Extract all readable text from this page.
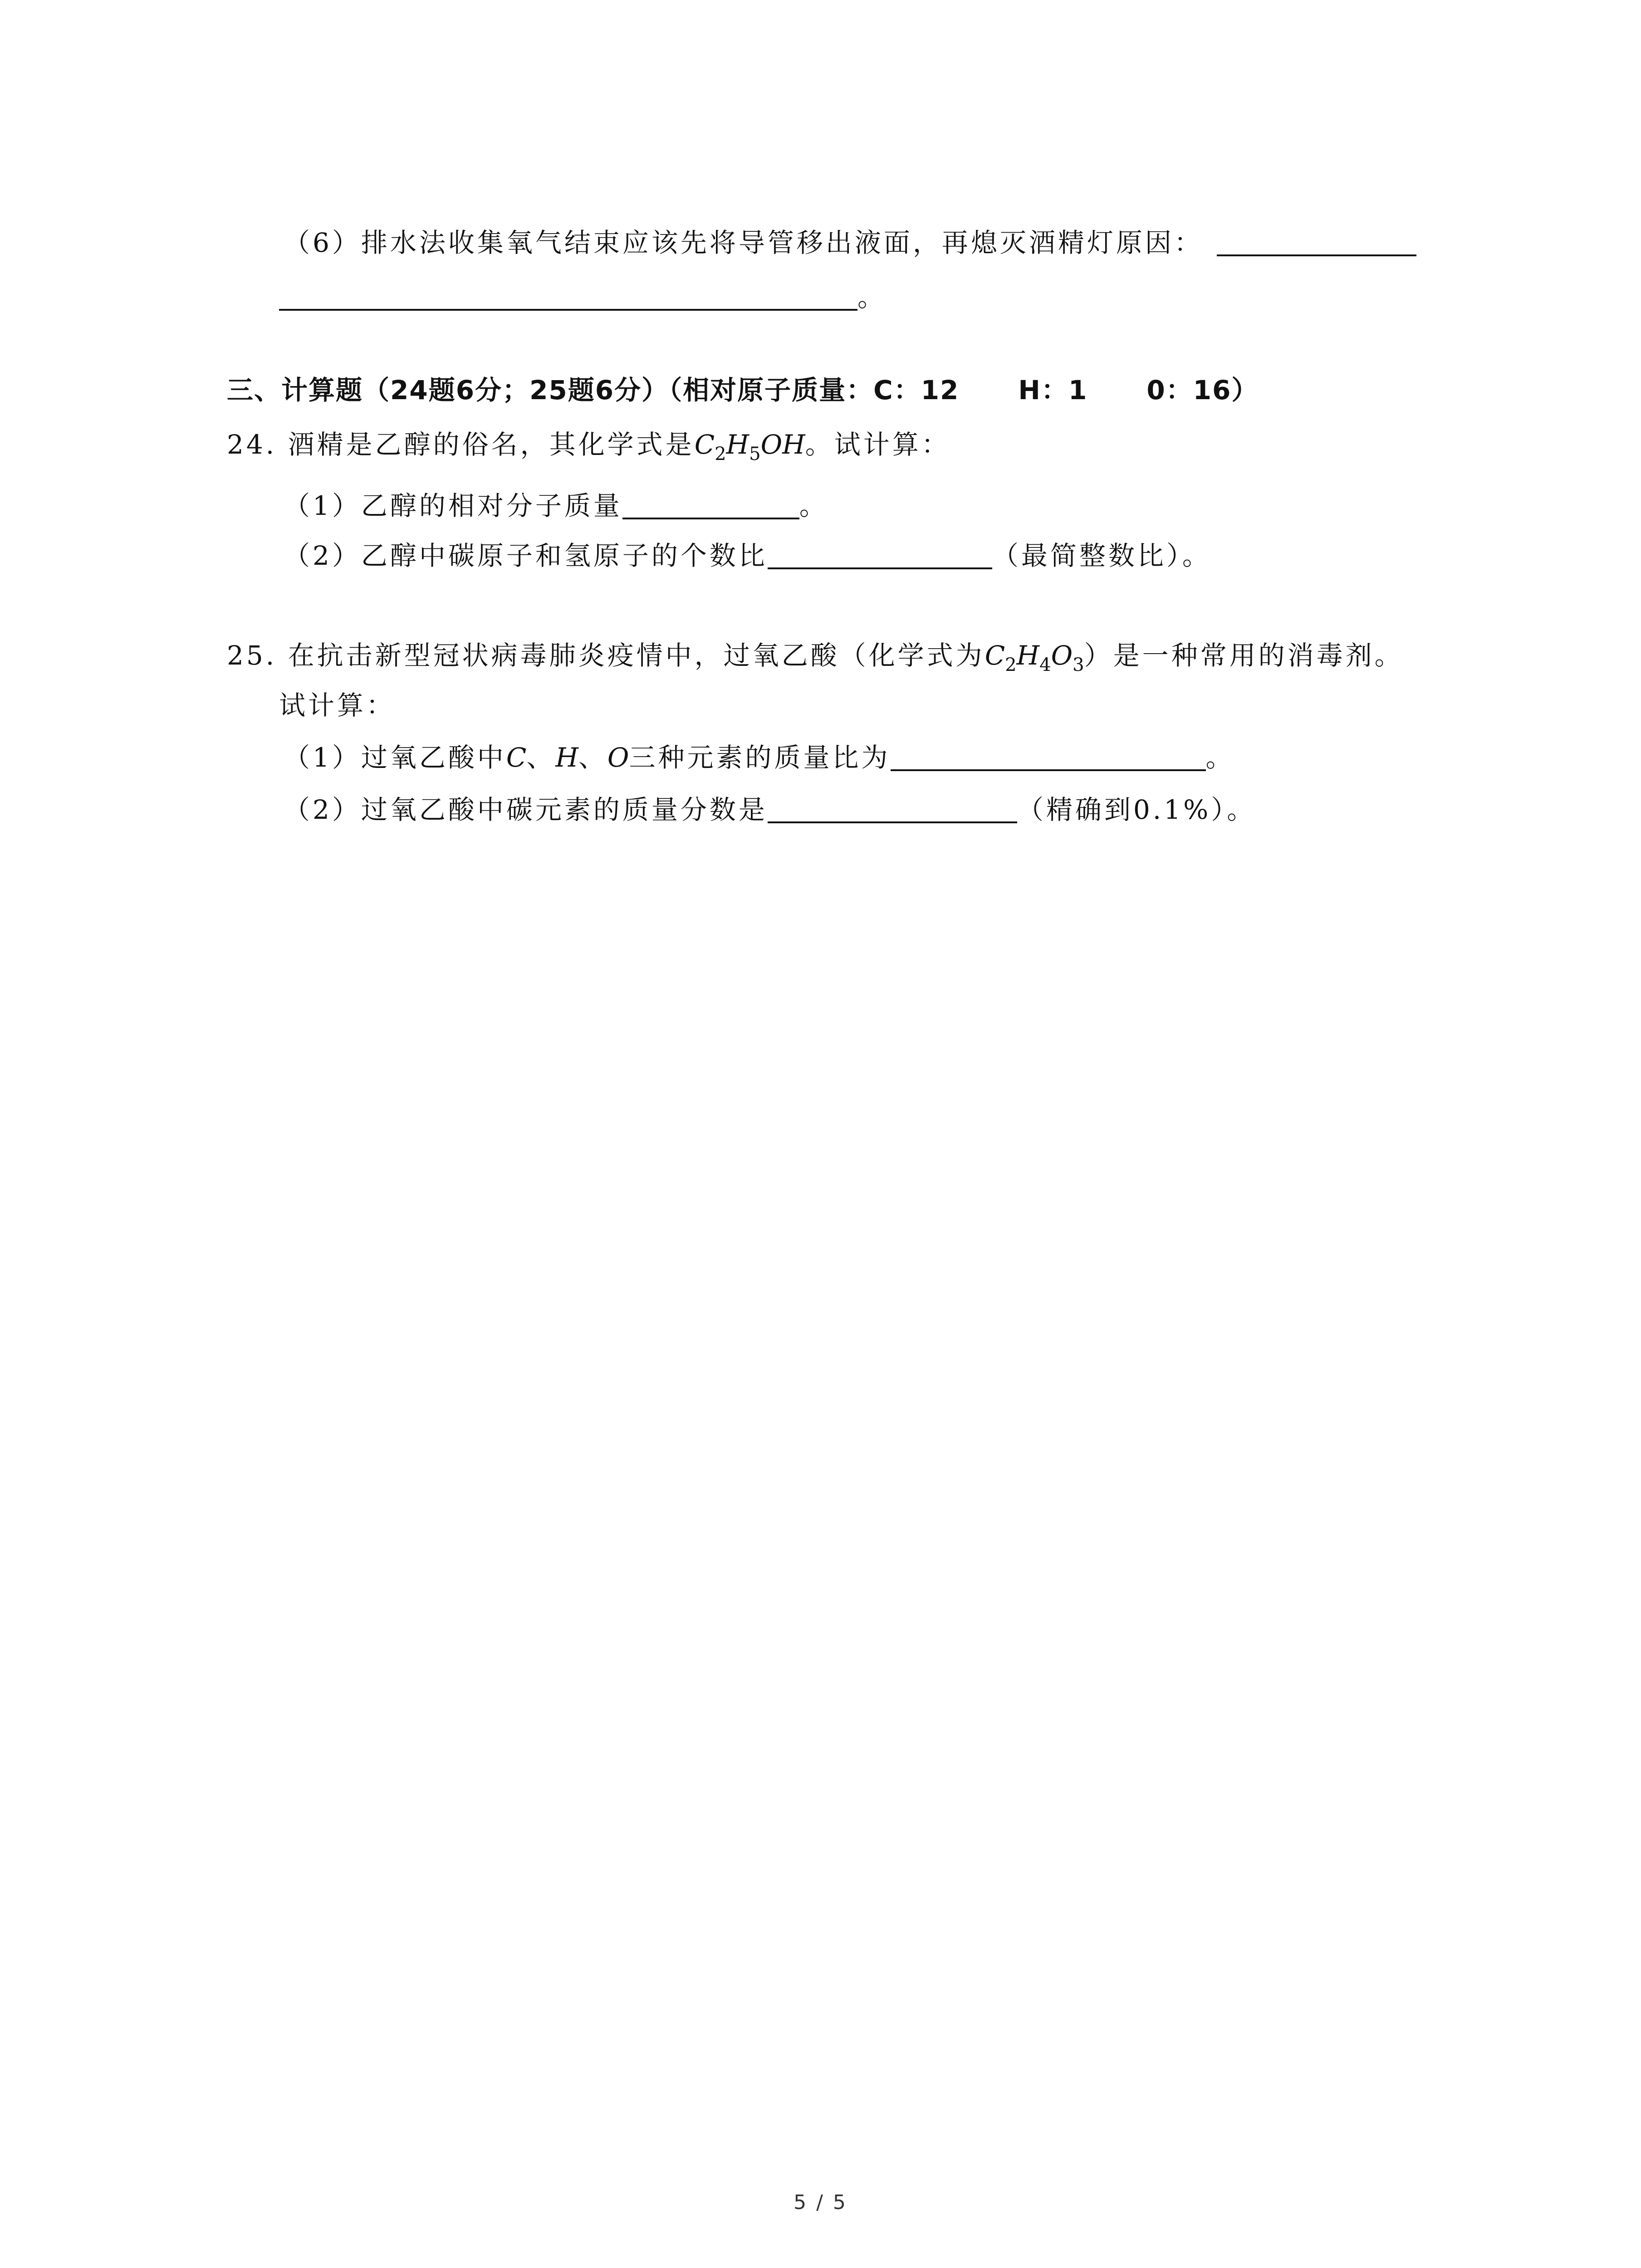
（6）排水法收集氧气结束应该先将导管移出液面，再熄灭酒精灯原因：
。
三、计算题（24题6分；25题6分）（相对原子质量：C：12 H：1 0：16）
24. 酒精是乙醇的俗名，其化学式是$C_2H_5OH$。试计算：
（1）乙醇的相对分子质量	。
（2）乙醇中碳原子和氢原子的个数比	（最简整数比）。
25. 在抗击新型冠状病毒肺炎疫情中，过氧乙酸（化学式为$C_2H_4O_3$）是一种常用的消毒剂。
试计算：
（1）过氧乙酸中C、H、O三种元素的质量比为	。
（2）过氧乙酸中碳元素的质量分数是	（精确到0.1%）。
5 / 5
